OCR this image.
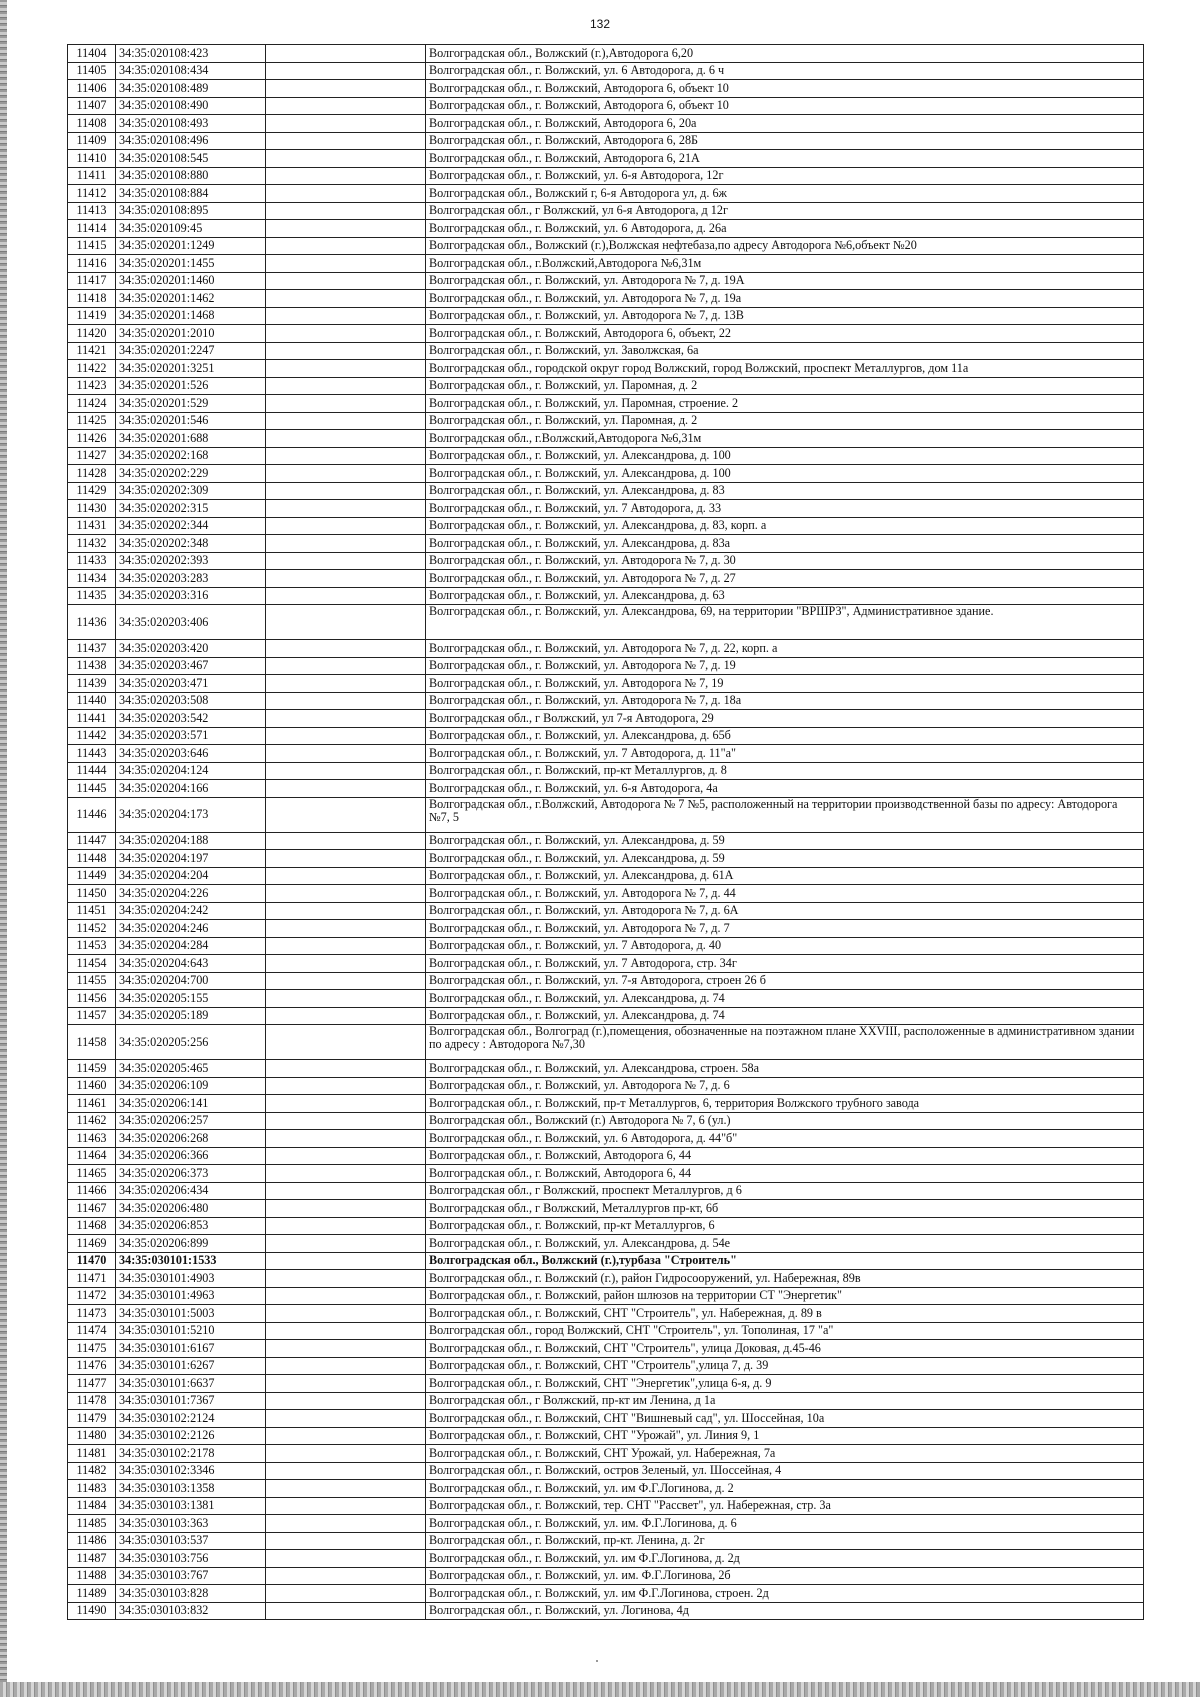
132
11404	34:35:020108:423		Волгоградская обл., Волжский (г.),Автодорога 6,20
11405	34:35:020108:434		Волгоградская обл., г. Волжский, ул. 6 Автодорога, д. 6 ч
11406	34:35:020108:489		Волгоградская обл., г. Волжский, Автодорога 6, объект 10
11407	34:35:020108:490		Волгоградская обл., г. Волжский, Автодорога 6, объект 10
11408	34:35:020108:493		Волгоградская обл., г. Волжский, Автодорога 6, 20а
11409	34:35:020108:496		Волгоградская обл., г. Волжский, Автодорога 6, 28Б
11410	34:35:020108:545		Волгоградская обл., г. Волжский, Автодорога 6, 21А
11411	34:35:020108:880		Волгоградская обл., г. Волжский, ул. 6-я Автодорога, 12г
11412	34:35:020108:884		Волгоградская обл., Волжский г, 6-я Автодорога ул, д. 6ж
11413	34:35:020108:895		Волгоградская обл., г Волжский, ул 6-я Автодорога, д 12г
11414	34:35:020109:45		Волгоградская обл., г. Волжский, ул. 6 Автодорога, д. 26а
11415	34:35:020201:1249		Волгоградская обл., Волжский (г.),Волжская нефтебаза,по адресу Автодорога №6,объект №20
11416	34:35:020201:1455		Волгоградская обл., г.Волжский,Автодорога №6,31м
11417	34:35:020201:1460		Волгоградская обл., г. Волжский, ул. Автодорога № 7, д. 19А
11418	34:35:020201:1462		Волгоградская обл., г. Волжский, ул. Автодорога № 7, д. 19а
11419	34:35:020201:1468		Волгоградская обл., г. Волжский, ул. Автодорога № 7, д. 13В
11420	34:35:020201:2010		Волгоградская обл., г. Волжский, Автодорога 6, объект, 22
11421	34:35:020201:2247		Волгоградская обл., г. Волжский, ул. Заволжская, 6а
11422	34:35:020201:3251		Волгоградская обл., городской округ город Волжский, город Волжский, проспект Металлургов, дом 11а
11423	34:35:020201:526		Волгоградская обл., г. Волжский, ул. Паромная, д. 2
11424	34:35:020201:529		Волгоградская обл., г. Волжский, ул. Паромная, строение. 2
11425	34:35:020201:546		Волгоградская обл., г. Волжский, ул. Паромная, д. 2
11426	34:35:020201:688		Волгоградская обл., г.Волжский,Автодорога №6,31м
11427	34:35:020202:168		Волгоградская обл., г. Волжский, ул. Александрова, д. 100
11428	34:35:020202:229		Волгоградская обл., г. Волжский, ул. Александрова, д. 100
11429	34:35:020202:309		Волгоградская обл., г. Волжский, ул. Александрова, д. 83
11430	34:35:020202:315		Волгоградская обл., г. Волжский, ул. 7 Автодорога, д. 33
11431	34:35:020202:344		Волгоградская обл., г. Волжский, ул. Александрова, д. 83, корп. а
11432	34:35:020202:348		Волгоградская обл., г. Волжский, ул. Александрова, д. 83а
11433	34:35:020202:393		Волгоградская обл., г. Волжский, ул. Автодорога № 7, д. 30
11434	34:35:020203:283		Волгоградская обл., г. Волжский, ул. Автодорога № 7, д. 27
11435	34:35:020203:316		Волгоградская обл., г. Волжский, ул. Александрова, д. 63
11436	34:35:020203:406		Волгоградская обл., г. Волжский, ул. Александрова, 69, на территории "ВРШРЗ", Административное здание.
11437	34:35:020203:420		Волгоградская обл., г. Волжский, ул. Автодорога № 7, д. 22, корп. а
11438	34:35:020203:467		Волгоградская обл., г. Волжский, ул. Автодорога № 7, д. 19
11439	34:35:020203:471		Волгоградская обл., г. Волжский, ул. Автодорога № 7, 19
11440	34:35:020203:508		Волгоградская обл., г. Волжский, ул. Автодорога № 7, д. 18а
11441	34:35:020203:542		Волгоградская обл., г Волжский, ул 7-я Автодорога, 29
11442	34:35:020203:571		Волгоградская обл., г. Волжский, ул. Александрова, д. 65б
11443	34:35:020203:646		Волгоградская обл., г. Волжский, ул. 7 Автодорога, д. 11"а"
11444	34:35:020204:124		Волгоградская обл., г. Волжский, пр-кт Металлургов, д. 8
11445	34:35:020204:166		Волгоградская обл., г. Волжский, ул. 6-я Автодорога, 4а
11446	34:35:020204:173		Волгоградская обл., г.Волжский, Автодорога № 7 №5, расположенный на территории производственной базы по адресу: Автодорога №7, 5
11447	34:35:020204:188		Волгоградская обл., г. Волжский, ул. Александрова, д. 59
11448	34:35:020204:197		Волгоградская обл., г. Волжский, ул. Александрова, д. 59
11449	34:35:020204:204		Волгоградская обл., г. Волжский, ул. Александрова, д. 61А
11450	34:35:020204:226		Волгоградская обл., г. Волжский, ул. Автодорога № 7, д. 44
11451	34:35:020204:242		Волгоградская обл., г. Волжский, ул. Автодорога № 7, д. 6А
11452	34:35:020204:246		Волгоградская обл., г. Волжский, ул. Автодорога № 7, д. 7
11453	34:35:020204:284		Волгоградская обл., г. Волжский, ул. 7 Автодорога, д. 40
11454	34:35:020204:643		Волгоградская обл., г. Волжский, ул. 7 Автодорога, стр. 34г
11455	34:35:020204:700		Волгоградская обл., г. Волжский, ул. 7-я Автодорога, строен 26 б
11456	34:35:020205:155		Волгоградская обл., г. Волжский, ул. Александрова, д. 74
11457	34:35:020205:189		Волгоградская обл., г. Волжский, ул. Александрова, д. 74
11458	34:35:020205:256		Волгоградская обл., Волгоград (г.),помещения, обозначенные на поэтажном плане XXVIII, расположенные в административном здании по адресу : Автодорога №7,30
11459	34:35:020205:465		Волгоградская обл., г. Волжский, ул. Александрова, строен. 58а
11460	34:35:020206:109		Волгоградская обл., г. Волжский, ул. Автодорога № 7, д. 6
11461	34:35:020206:141		Волгоградская обл., г. Волжский, пр-т Металлургов, 6, территория Волжского трубного завода
11462	34:35:020206:257		Волгоградская обл., Волжский (г.) Автодорога № 7, 6 (ул.)
11463	34:35:020206:268		Волгоградская обл., г. Волжский, ул. 6 Автодорога, д. 44"б"
11464	34:35:020206:366		Волгоградская обл., г. Волжский, Автодорога 6, 44
11465	34:35:020206:373		Волгоградская обл., г. Волжский, Автодорога 6, 44
11466	34:35:020206:434		Волгоградская обл., г Волжский, проспект Металлургов, д 6
11467	34:35:020206:480		Волгоградская обл., г Волжский, Металлургов пр-кт, 6б
11468	34:35:020206:853		Волгоградская обл., г. Волжский, пр-кт Металлургов, 6
11469	34:35:020206:899		Волгоградская обл., г. Волжский, ул. Александрова, д. 54е
11470	34:35:030101:1533		Волгоградская обл., Волжский (г.),турбаза "Строитель"
11471	34:35:030101:4903		Волгоградская обл., г. Волжский (г.), район Гидросооружений, ул. Набережная, 89в
11472	34:35:030101:4963		Волгоградская обл., г. Волжский, район шлюзов на территории СТ "Энергетик"
11473	34:35:030101:5003		Волгоградская обл., г. Волжский, СНТ "Строитель", ул. Набережная, д. 89 в
11474	34:35:030101:5210		Волгоградская обл., город Волжский, СНТ "Строитель", ул. Тополиная, 17 "а"
11475	34:35:030101:6167		Волгоградская обл., г. Волжский, СНТ "Строитель", улица Доковая, д.45-46
11476	34:35:030101:6267		Волгоградская обл., г. Волжский, СНТ "Строитель",улица 7, д. 39
11477	34:35:030101:6637		Волгоградская обл., г. Волжский, СНТ "Энергетик",улица 6-я, д. 9
11478	34:35:030101:7367		Волгоградская обл., г Волжский, пр-кт им Ленина, д 1а
11479	34:35:030102:2124		Волгоградская обл., г. Волжский, СНТ "Вишневый сад", ул. Шоссейная, 10а
11480	34:35:030102:2126		Волгоградская обл., г. Волжский, СНТ "Урожай", ул. Линия 9, 1
11481	34:35:030102:2178		Волгоградская обл., г. Волжский, СНТ Урожай, ул. Набережная, 7а
11482	34:35:030102:3346		Волгоградская обл., г. Волжский, остров Зеленый, ул. Шоссейная, 4
11483	34:35:030103:1358		Волгоградская обл., г. Волжский, ул. им Ф.Г.Логинова, д. 2
11484	34:35:030103:1381		Волгоградская обл., г. Волжский, тер. СНТ "Рассвет", ул. Набережная, стр. 3а
11485	34:35:030103:363		Волгоградская обл., г. Волжский, ул. им. Ф.Г.Логинова, д. 6
11486	34:35:030103:537		Волгоградская обл., г. Волжский, пр-кт. Ленина, д. 2г
11487	34:35:030103:756		Волгоградская обл., г. Волжский, ул. им Ф.Г.Логинова, д. 2д
11488	34:35:030103:767		Волгоградская обл., г. Волжский, ул. им. Ф.Г.Логинова, 2б
11489	34:35:030103:828		Волгоградская обл., г. Волжский, ул. им Ф.Г.Логинова, строен. 2д
11490	34:35:030103:832		Волгоградская обл., г. Волжский, ул. Логинова, 4д
